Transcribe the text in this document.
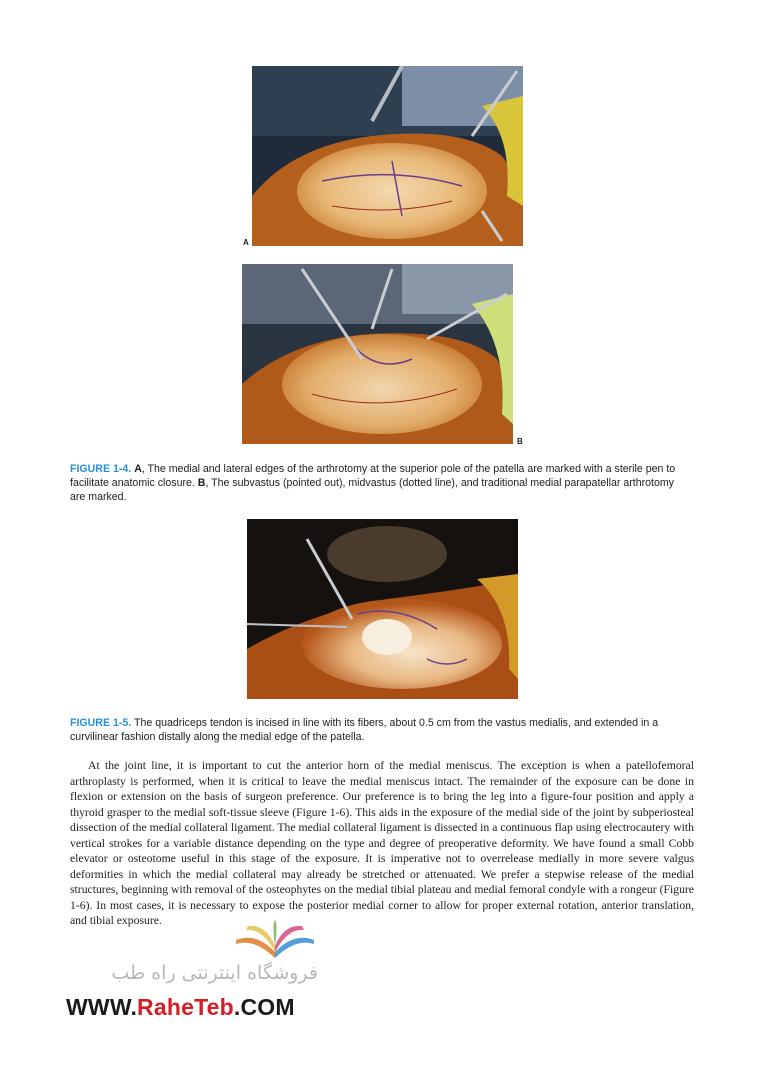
A
B
FIGURE 1-4. A, The medial and lateral edges of the arthrotomy at the superior pole of the patella are marked with a sterile pen to facilitate anatomic closure. B, The subvastus (pointed out), midvastus (dotted line), and traditional medial parapatellar arthrotomy are marked.
FIGURE 1-5. The quadriceps tendon is incised in line with its fibers, about 0.5 cm from the vastus medialis, and extended in a curvilinear fashion distally along the medial edge of the patella.

At the joint line, it is important to cut the anterior horn of the medial meniscus. The exception is when a patellofemoral arthroplasty is performed, when it is critical to leave the medial meniscus intact. The remainder of the exposure can be done in flexion or extension on the basis of surgeon preference. Our preference is to bring the leg into a figure-four position and apply a thyroid grasper to the medial soft-tissue sleeve (Figure 1-6). This aids in the exposure of the medial side of the joint by subperiosteal dissection of the medial collateral ligament. The medial collateral ligament is dissected in a continuous flap using electrocautery with vertical strokes for a variable distance depending on the type and degree of preoperative deformity. We have found a small Cobb elevator or osteotome useful in this stage of the exposure. It is imperative not to overrelease medially in more severe valgus deformities in which the medial collateral may already be stretched or attenuated. We prefer a stepwise release of the medial structures, beginning with removal of the osteophytes on the medial tibial plateau and medial femoral condyle with a rongeur (Figure 1-6). In most cases, it is necessary to expose the posterior medial corner to allow for proper external rotation, anterior translation, and tibial exposure.

فروشگاه اینترنتی راه طب
WWW.RaheTeb.COM
